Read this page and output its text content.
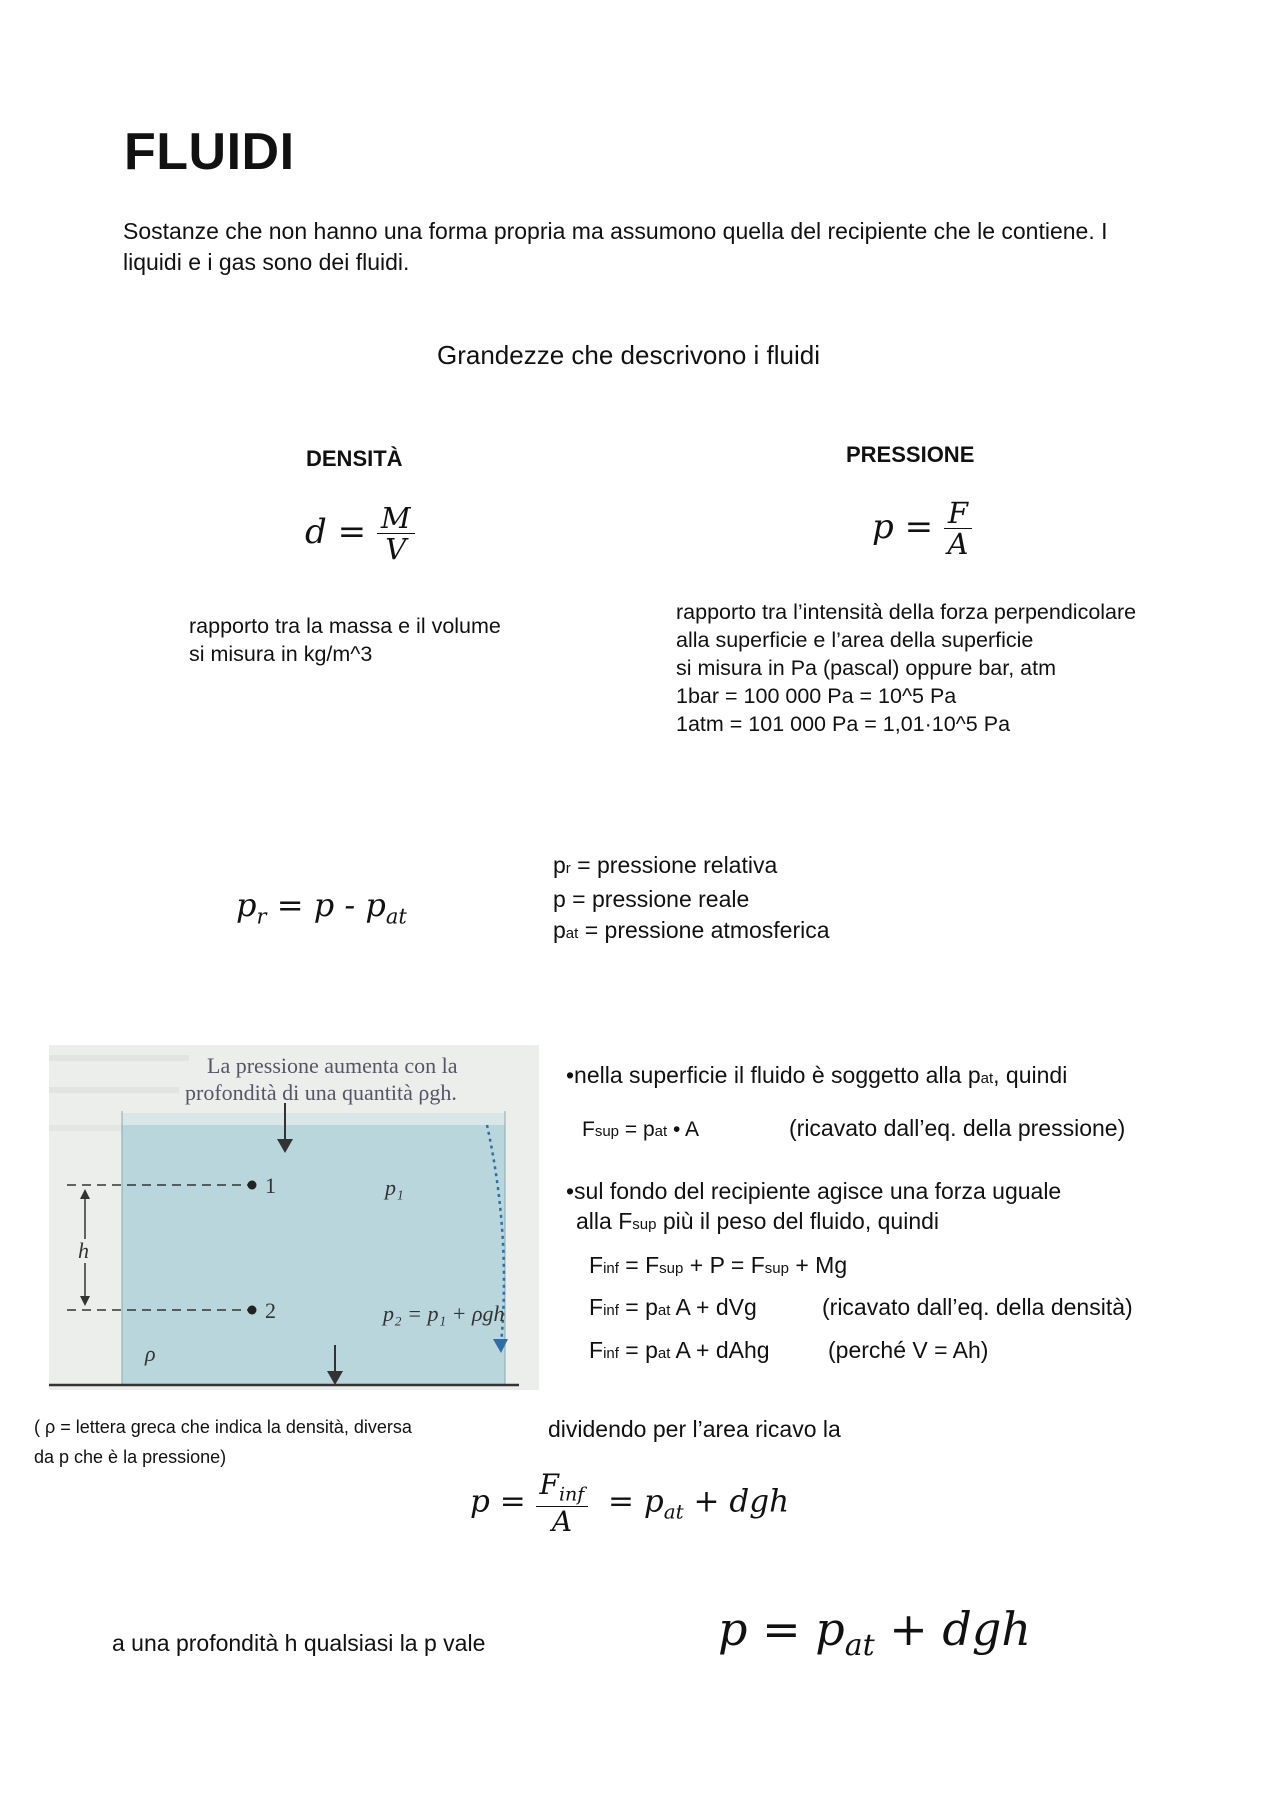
FLUIDI
Sostanze che non hanno una forma propria ma assumono quella del recipiente che le contiene. I liquidi e i gas sono dei fluidi.
Grandezze che descrivono i fluidi
DENSITÀ
$d = \frac{M}{V}$
rapporto tra la massa e il volume
si misura in kg/m^3
PRESSIONE
$p = \frac{F}{A}$
rapporto tra l’intensità della forza perpendicolare
alla superficie e l’area della superficie
si misura in Pa (pascal) oppure bar, atm
1bar = 100 000 Pa = 10^5 Pa
1atm = 101 000 Pa = 1,01·10^5 Pa
$p_r = p - p_{at}$
pr = pressione relativa
p = pressione reale
pat = pressione atmosferica
La pressione aumenta con la
profondità di una quantità ρgh.
1	p₁
2	p₂ = p₁ + ρgh
h
ρ
•nella superficie il fluido è soggetto alla pat, quindi
Fsup = pat • A	(ricavato dall’eq. della pressione)
•sul fondo del recipiente agisce una forza uguale
alla Fsup più il peso del fluido, quindi
Finf = Fsup + P = Fsup + Mg
Finf = pat A + dVg	(ricavato dall’eq. della densità)
Finf = pat A + dAhg	(perché V = Ah)
( ρ = lettera greca che indica la densità, diversa
da p che è la pressione)
dividendo per l’area ricavo la
$p = \frac{F_{inf}}{A} = p_{at}$ + dgh
a una profondità h qualsiasi la p vale	$p = p_{at}$ + dgh
